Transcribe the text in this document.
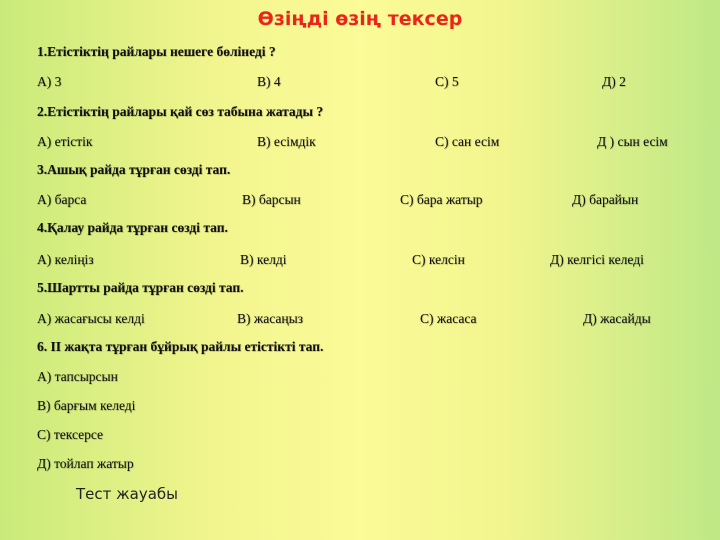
Өзіңді өзің тексер
1.Етістіктің райлары нешеге бөлінеді ?
А) 3	В) 4	С) 5	Д) 2
2.Етістіктің райлары қай сөз табына жатады ?
А) етістік	В) есімдік	С) сан есім	Д ) сын есім
3.Ашық райда тұрған сөзді тап.
А) барса	В) барсын	С) бара жатыр	Д) барайын
4.Қалау райда тұрған сөзді тап.
А) келіңіз	В) келді	С) келсін	Д) келгісі келеді
5.Шартты райда тұрған сөзді тап.
А) жасағысы келді	В) жасаңыз	С) жасаса	Д) жасайды
6. ІІ жақта тұрған бұйрық райлы етістікті тап.
А) тапсырсын
В) барғым келеді
С) тексерсе
Д) тойлап жатыр
Тест жауабы
